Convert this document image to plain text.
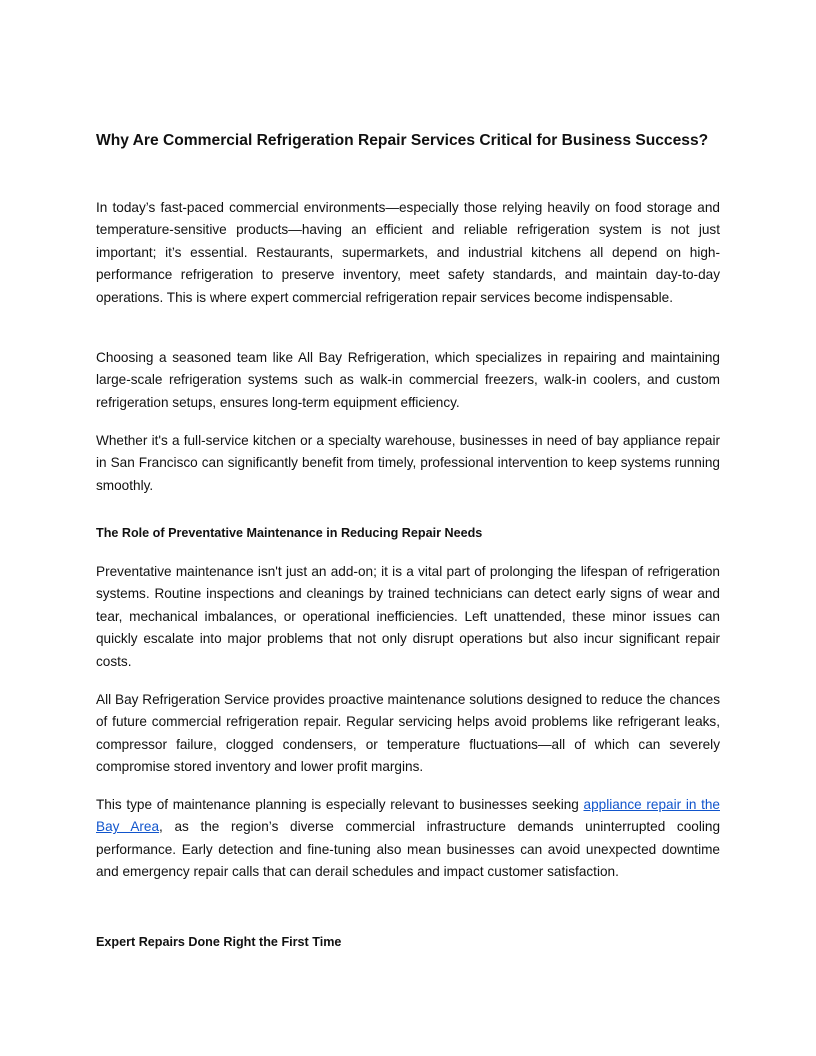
Why Are Commercial Refrigeration Repair Services Critical for Business Success?

In today’s fast-paced commercial environments—especially those relying heavily on food storage and temperature-sensitive products—having an efficient and reliable refrigeration system is not just important; it’s essential. Restaurants, supermarkets, and industrial kitchens all depend on high-performance refrigeration to preserve inventory, meet safety standards, and maintain day-to-day operations. This is where expert commercial refrigeration repair services become indispensable.

Choosing a seasoned team like All Bay Refrigeration, which specializes in repairing and maintaining large-scale refrigeration systems such as walk-in commercial freezers, walk-in coolers, and custom refrigeration setups, ensures long-term equipment efficiency.

Whether it's a full-service kitchen or a specialty warehouse, businesses in need of bay appliance repair in San Francisco can significantly benefit from timely, professional intervention to keep systems running smoothly.

The Role of Preventative Maintenance in Reducing Repair Needs

Preventative maintenance isn't just an add-on; it is a vital part of prolonging the lifespan of refrigeration systems. Routine inspections and cleanings by trained technicians can detect early signs of wear and tear, mechanical imbalances, or operational inefficiencies. Left unattended, these minor issues can quickly escalate into major problems that not only disrupt operations but also incur significant repair costs.

All Bay Refrigeration Service provides proactive maintenance solutions designed to reduce the chances of future commercial refrigeration repair. Regular servicing helps avoid problems like refrigerant leaks, compressor failure, clogged condensers, or temperature fluctuations—all of which can severely compromise stored inventory and lower profit margins.

This type of maintenance planning is especially relevant to businesses seeking appliance repair in the Bay Area, as the region’s diverse commercial infrastructure demands uninterrupted cooling performance. Early detection and fine-tuning also mean businesses can avoid unexpected downtime and emergency repair calls that can derail schedules and impact customer satisfaction.

Expert Repairs Done Right the First Time
